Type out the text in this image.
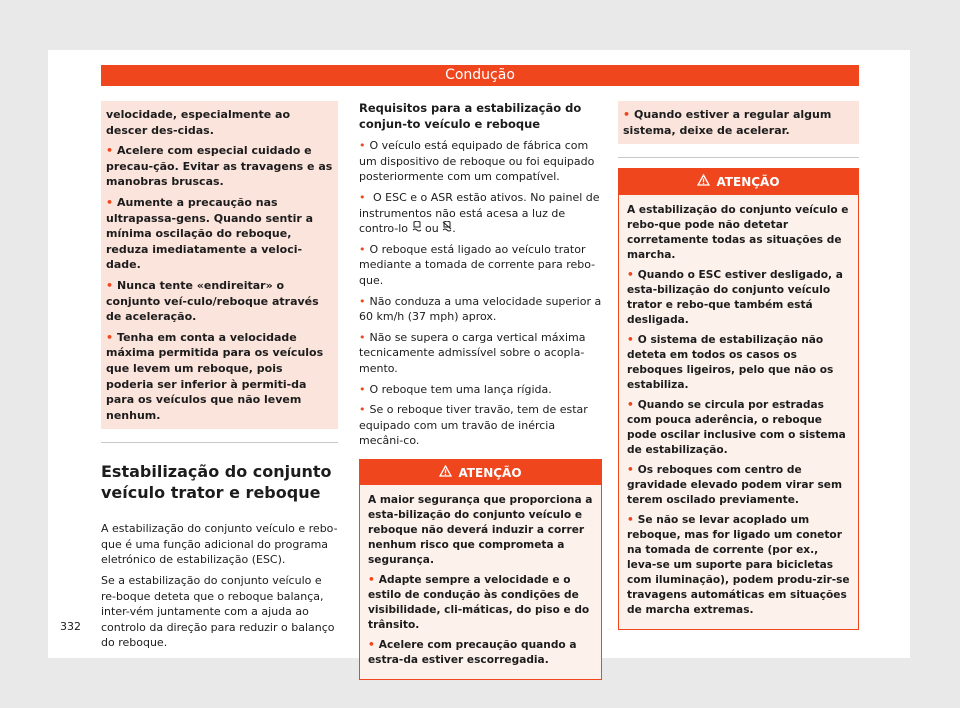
Condução

velocidade, especialmente ao descer des-cidas.

• Acelere com especial cuidado e precau-ção. Evitar as travagens e as manobras bruscas.

• Aumente a precaução nas ultrapassa-gens. Quando sentir a mínima oscilação do reboque, reduza imediatamente a veloci-dade.

• Nunca tente «endireitar» o conjunto veí-culo/reboque através de aceleração.

• Tenha em conta a velocidade máxima permitida para os veículos que levem um reboque, pois poderia ser inferior à permiti-da para os veículos que não levem nenhum.

Estabilização do conjunto veículo trator e reboque

A estabilização do conjunto veículo e rebo-que é uma função adicional do programa eletrónico de estabilização (ESC).

Se a estabilização do conjunto veículo e re-boque deteta que o reboque balança, inter-vém juntamente com a ajuda ao controlo da direção para reduzir o balanço do reboque.

Requisitos para a estabilização do conjun-to veículo e reboque

• O veículo está equipado de fábrica com um dispositivo de reboque ou foi equipado posteriormente com um compatível.

• O ESC e o ASR estão ativos. No painel de instrumentos não está acesa a luz de contro-lo ou .

• O reboque está ligado ao veículo trator mediante a tomada de corrente para rebo-que.

• Não conduza a uma velocidade superior a 60 km/h (37 mph) aprox.

• Não se supera o carga vertical máxima tecnicamente admissível sobre o acopla-mento.

• O reboque tem uma lança rígida.

• Se o reboque tiver travão, tem de estar equipado com um travão de inércia mecâni-co.

ATENÇÃO

A maior segurança que proporciona a esta-bilização do conjunto veículo e reboque não deverá induzir a correr nenhum risco que comprometa a segurança.

• Adapte sempre a velocidade e o estilo de condução às condições de visibilidade, cli-máticas, do piso e do trânsito.

• Acelere com precaução quando a estra-da estiver escorregadia.

• Quando estiver a regular algum sistema, deixe de acelerar.

ATENÇÃO

A estabilização do conjunto veículo e rebo-que pode não detetar corretamente todas as situações de marcha.

• Quando o ESC estiver desligado, a esta-bilização do conjunto veículo trator e rebo-que também está desligada.

• O sistema de estabilização não deteta em todos os casos os reboques ligeiros, pelo que não os estabiliza.

• Quando se circula por estradas com pouca aderência, o reboque pode oscilar inclusive com o sistema de estabilização.

• Os reboques com centro de gravidade elevado podem virar sem terem oscilado previamente.

• Se não se levar acoplado um reboque, mas for ligado um conetor na tomada de corrente (por ex., leva-se um suporte para bicicletas com iluminação), podem produ-zir-se travagens automáticas em situações de marcha extremas.

332
